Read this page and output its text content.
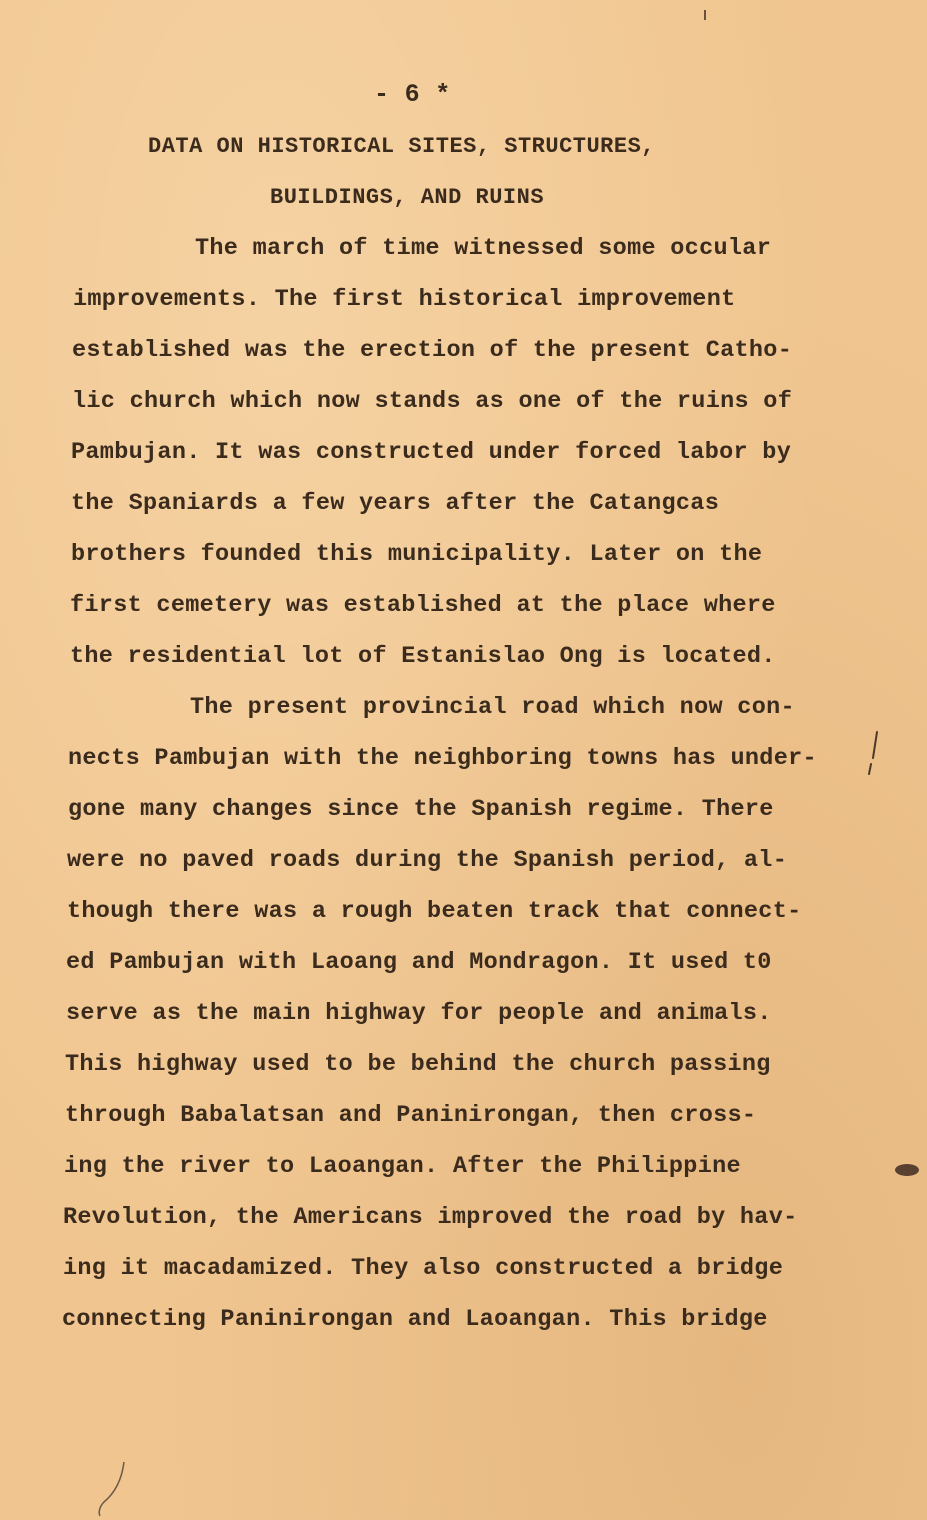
- 6 *

DATA ON HISTORICAL SITES, STRUCTURES,

BUILDINGS, AND RUINS

The march of time witnessed some occular

improvements. The first historical improvement

established was the erection of the present Catho-

lic church which now stands as one of the ruins of

Pambujan. It was constructed under forced labor by

the Spaniards a few years after the Catangcas

brothers founded this municipality. Later on the

first cemetery was established at the place where

the residential lot of Estanislao Ong is located.

The present provincial road which now con-

nects Pambujan with the neighboring towns has under-

gone many changes since the Spanish regime. There

were no paved roads during the Spanish period, al-

though there was a rough beaten track that connect-

ed Pambujan with Laoang and Mondragon. It used t0

serve as the main highway for people and animals.

This highway used to be behind the church passing

through Babalatsan and Paninirongan, then cross-

ing the river to Laoangan. After the Philippine

Revolution, the Americans improved the road by hav-

ing it macadamized. They also constructed a bridge

connecting Paninirongan and Laoangan. This bridge
